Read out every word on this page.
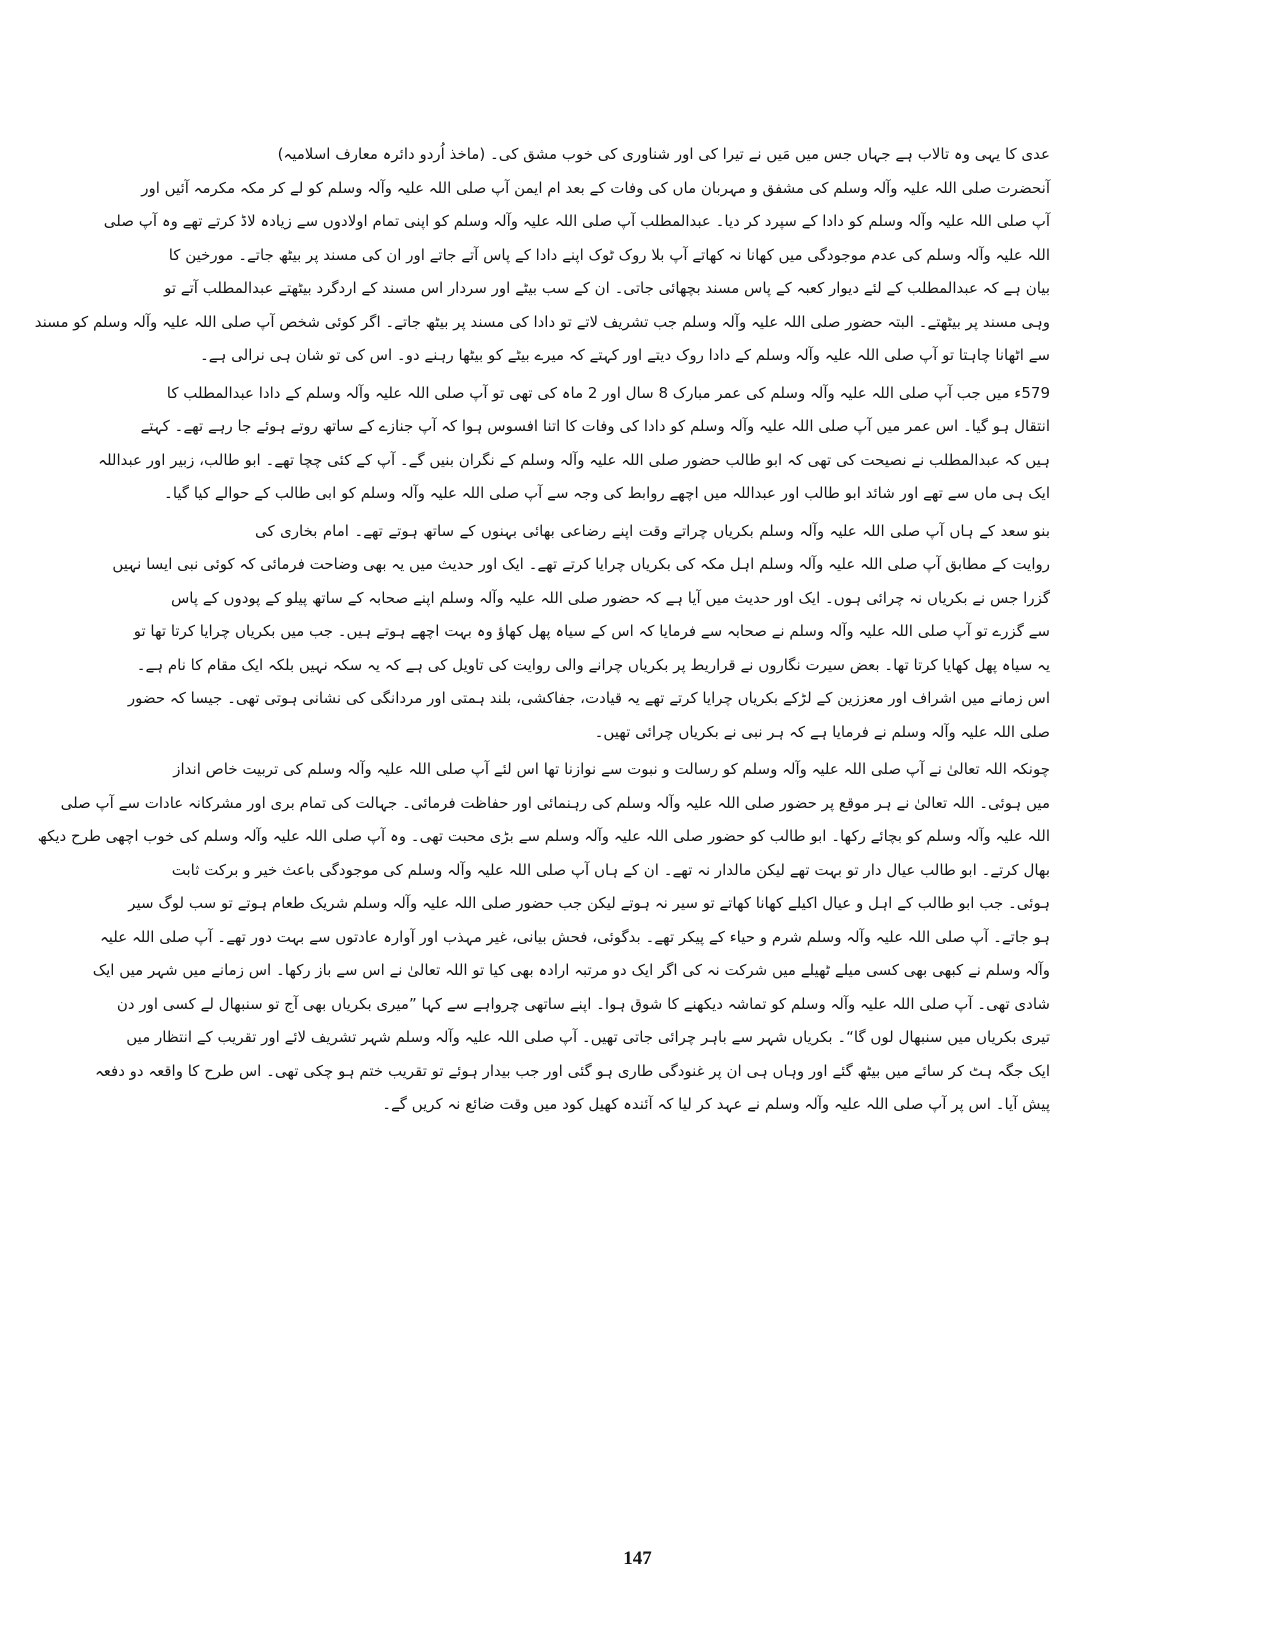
عدی کا یہی وہ تالاب ہے جہاں جس میں مَیں نے تیرا کی اور شناوری کی خوب مشق کی۔ (ماخذ اُردو دائرہ معارف اسلامیہ)
آنحضرت صلی اللہ علیہ وآلہ وسلم کی مشفق و مہربان ماں کی وفات کے بعد ام ایمن آپ صلی اللہ علیہ وآلہ وسلم کو لے کر مکہ مکرمہ آئیں اور
آپ صلی اللہ علیہ وآلہ وسلم کو دادا کے سپرد کر دیا۔ عبدالمطلب آپ صلی اللہ علیہ وآلہ وسلم کو اپنی تمام اولادوں سے زیادہ لاڈ کرتے تھے وہ آپ صلی
اللہ علیہ وآلہ وسلم کی عدم موجودگی میں کھانا نہ کھاتے آپ بلا روک ٹوک اپنے دادا کے پاس آتے جاتے اور ان کی مسند پر بیٹھ جاتے۔ مورخین کا
بیان ہے کہ عبدالمطلب کے لئے دیوار کعبہ کے پاس مسند بچھائی جاتی۔ ان کے سب بیٹے اور سردار اس مسند کے اردگرد بیٹھتے عبدالمطلب آتے تو
وہی مسند پر بیٹھتے۔ البتہ حضور صلی اللہ علیہ وآلہ وسلم جب تشریف لاتے تو دادا کی مسند پر بیٹھ جاتے۔ اگر کوئی شخص آپ صلی اللہ علیہ وآلہ وسلم کو مسند
سے اٹھانا چاہتا تو آپ صلی اللہ علیہ وآلہ وسلم کے دادا روک دیتے اور کہتے کہ میرے بیٹے کو بیٹھا رہنے دو۔ اس کی تو شان ہی نرالی ہے۔
579ء میں جب آپ صلی اللہ علیہ وآلہ وسلم کی عمر مبارک 8 سال اور 2 ماہ کی تھی تو آپ صلی اللہ علیہ وآلہ وسلم کے دادا عبدالمطلب کا
انتقال ہو گیا۔ اس عمر میں آپ صلی اللہ علیہ وآلہ وسلم کو دادا کی وفات کا اتنا افسوس ہوا کہ آپ جنازے کے ساتھ روتے ہوئے جا رہے تھے۔ کہتے
ہیں کہ عبدالمطلب نے نصیحت کی تھی کہ ابو طالب حضور صلی اللہ علیہ وآلہ وسلم کے نگران بنیں گے۔ آپ کے کئی چچا تھے۔ ابو طالب، زبیر اور عبداللہ
ایک ہی ماں سے تھے اور شائد ابو طالب اور عبداللہ میں اچھے روابط کی وجہ سے آپ صلی اللہ علیہ وآلہ وسلم کو ابی طالب کے حوالے کیا گیا۔
بنو سعد کے ہاں آپ صلی اللہ علیہ وآلہ وسلم بکریاں چراتے وقت اپنے رضاعی بھائی بہنوں کے ساتھ ہوتے تھے۔ امام بخاری کی
روایت کے مطابق آپ صلی اللہ علیہ وآلہ وسلم اہل مکہ کی بکریاں چرایا کرتے تھے۔ ایک اور حدیث میں یہ بھی وضاحت فرمائی کہ کوئی نبی ایسا نہیں
گزرا جس نے بکریاں نہ چرائی ہوں۔ ایک اور حدیث میں آیا ہے کہ حضور صلی اللہ علیہ وآلہ وسلم اپنے صحابہ کے ساتھ پیلو کے پودوں کے پاس
سے گزرے تو آپ صلی اللہ علیہ وآلہ وسلم نے صحابہ سے فرمایا کہ اس کے سیاہ پھل کھاؤ وہ بہت اچھے ہوتے ہیں۔ جب میں بکریاں چرایا کرتا تھا تو
یہ سیاہ پھل کھایا کرتا تھا۔ بعض سیرت نگاروں نے قراریط پر بکریاں چرانے والی روایت کی تاویل کی ہے کہ یہ سکہ نہیں بلکہ ایک مقام کا نام ہے۔
اس زمانے میں اشراف اور معززین کے لڑکے بکریاں چرایا کرتے تھے یہ قیادت، جفاکشی، بلند ہمتی اور مردانگی کی نشانی ہوتی تھی۔ جیسا کہ حضور
صلی اللہ علیہ وآلہ وسلم نے فرمایا ہے کہ ہر نبی نے بکریاں چرائی تھیں۔
چونکہ اللہ تعالیٰ نے آپ صلی اللہ علیہ وآلہ وسلم کو رسالت و نبوت سے نوازنا تھا اس لئے آپ صلی اللہ علیہ وآلہ وسلم کی تربیت خاص انداز
میں ہوئی۔ اللہ تعالیٰ نے ہر موقع پر حضور صلی اللہ علیہ وآلہ وسلم کی رہنمائی اور حفاظت فرمائی۔ جہالت کی تمام بری اور مشرکانہ عادات سے آپ صلی
اللہ علیہ وآلہ وسلم کو بچائے رکھا۔ ابو طالب کو حضور صلی اللہ علیہ وآلہ وسلم سے بڑی محبت تھی۔ وہ آپ صلی اللہ علیہ وآلہ وسلم کی خوب اچھی طرح دیکھ
بھال کرتے۔ ابو طالب عیال دار تو بہت تھے لیکن مالدار نہ تھے۔ ان کے ہاں آپ صلی اللہ علیہ وآلہ وسلم کی موجودگی باعث خیر و برکت ثابت
ہوئی۔ جب ابو طالب کے اہل و عیال اکیلے کھانا کھاتے تو سیر نہ ہوتے لیکن جب حضور صلی اللہ علیہ وآلہ وسلم شریک طعام ہوتے تو سب لوگ سیر
ہو جاتے۔ آپ صلی اللہ علیہ وآلہ وسلم شرم و حیاء کے پیکر تھے۔ بدگوئی، فحش بیانی، غیر مہذب اور آوارہ عادتوں سے بہت دور تھے۔ آپ صلی اللہ علیہ
وآلہ وسلم نے کبھی بھی کسی میلے ٹھیلے میں شرکت نہ کی اگر ایک دو مرتبہ ارادہ بھی کیا تو اللہ تعالیٰ نے اس سے باز رکھا۔ اس زمانے میں شہر میں ایک
شادی تھی۔ آپ صلی اللہ علیہ وآلہ وسلم کو تماشہ دیکھنے کا شوق ہوا۔ اپنے ساتھی چرواہے سے کہا ”میری بکریاں بھی آج تو سنبھال لے کسی اور دن
تیری بکریاں میں سنبھال لوں گا“۔ بکریاں شہر سے باہر چرائی جاتی تھیں۔ آپ صلی اللہ علیہ وآلہ وسلم شہر تشریف لائے اور تقریب کے انتظار میں
ایک جگہ ہٹ کر سائے میں بیٹھ گئے اور وہاں ہی ان پر غنودگی طاری ہو گئی اور جب بیدار ہوئے تو تقریب ختم ہو چکی تھی۔ اس طرح کا واقعہ دو دفعہ
پیش آیا۔ اس پر آپ صلی اللہ علیہ وآلہ وسلم نے عہد کر لیا کہ آئندہ کھیل کود میں وقت ضائع نہ کریں گے۔
147
